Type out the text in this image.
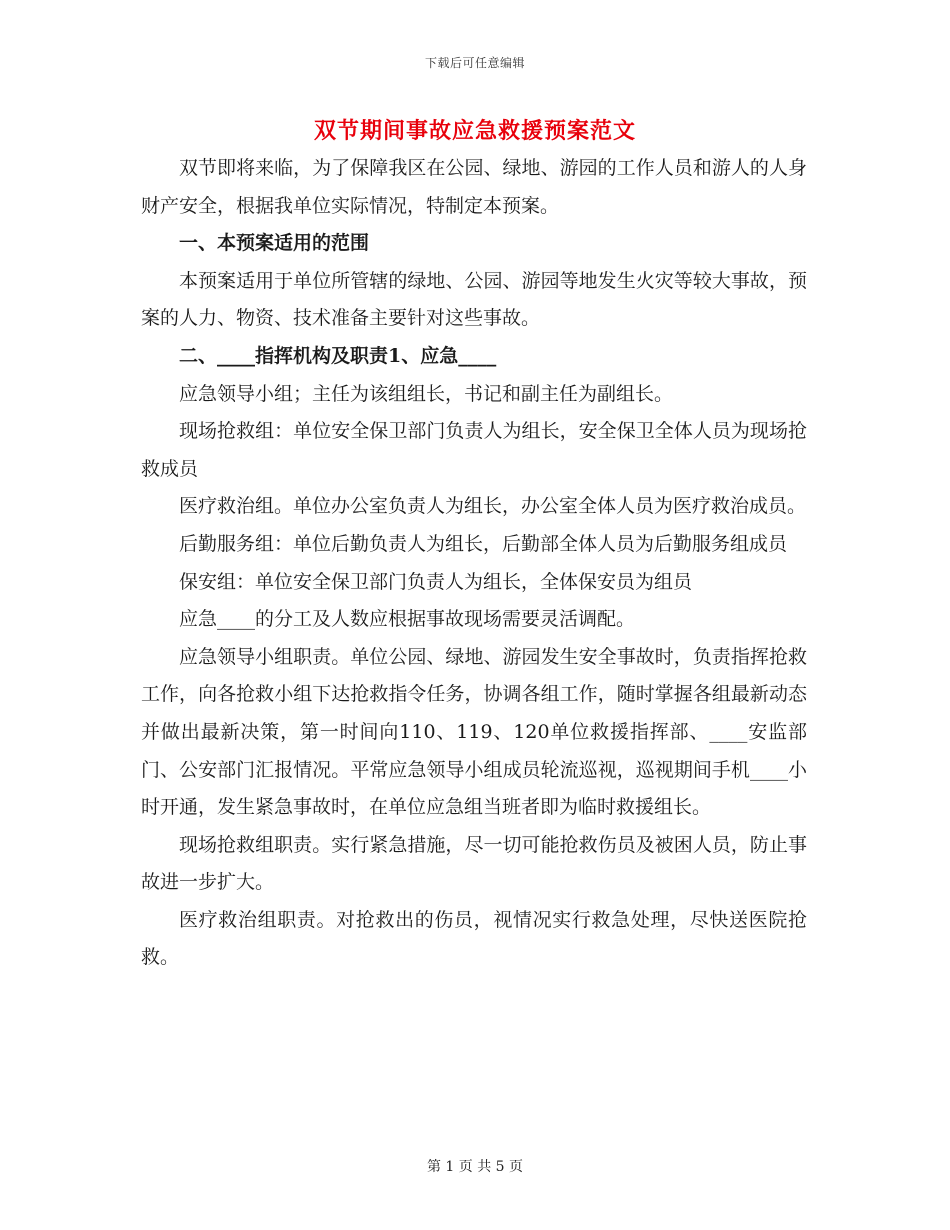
下载后可任意编辑
双节期间事故应急救援预案范文

双节即将来临，为了保障我区在公园、绿地、游园的工作人员和游人的人身财产安全，根据我单位实际情况，特制定本预案。

一、本预案适用的范围

本预案适用于单位所管辖的绿地、公园、游园等地发生火灾等较大事故，预案的人力、物资、技术准备主要针对这些事故。

二、____指挥机构及职责1、应急____

应急领导小组；主任为该组组长，书记和副主任为副组长。

现场抢救组：单位安全保卫部门负责人为组长，安全保卫全体人员为现场抢救成员

医疗救治组。单位办公室负责人为组长，办公室全体人员为医疗救治成员。

后勤服务组：单位后勤负责人为组长，后勤部全体人员为后勤服务组成员

保安组：单位安全保卫部门负责人为组长，全体保安员为组员

应急____的分工及人数应根据事故现场需要灵活调配。

应急领导小组职责。单位公园、绿地、游园发生安全事故时，负责指挥抢救工作，向各抢救小组下达抢救指令任务，协调各组工作，随时掌握各组最新动态并做出最新决策，第一时间向110、119、120单位救援指挥部、____安监部门、公安部门汇报情况。平常应急领导小组成员轮流巡视，巡视期间手机____小时开通，发生紧急事故时，在单位应急组当班者即为临时救援组长。

现场抢救组职责。实行紧急措施，尽一切可能抢救伤员及被困人员，防止事故进一步扩大。

医疗救治组职责。对抢救出的伤员，视情况实行救急处理，尽快送医院抢救。

第 1 页 共 5 页
